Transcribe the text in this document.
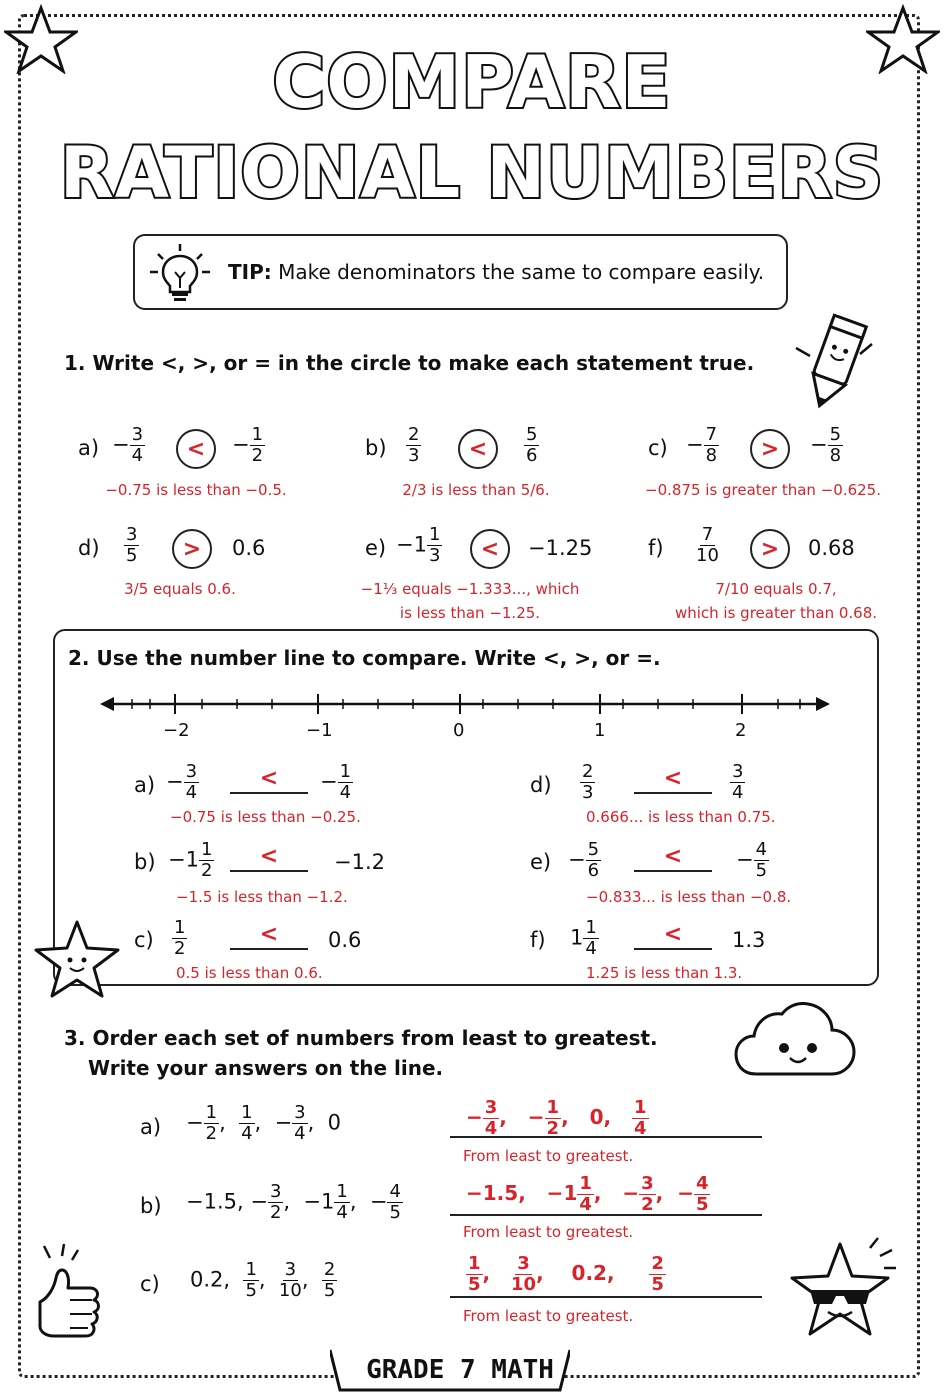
COMPARE
RATIONAL NUMBERS
TIP: Make denominators the same to compare easily.
1. Write <, >, or = in the circle to make each statement true.
$a) - \frac{3}{4}$	<	− $\frac{1}{2}$
−0.75 is less than −0.5.
$b) \frac{2}{3}$	<	$\frac{5}{6}$
2/3 is less than 5/6.
$c) - \frac{7}{8}$	>	− $\frac{5}{8}$
−0.875 is greater than −0.625.
$d) \frac{3}{5}$	>	0.6
3/5 equals 0.6.
$e) -1 \frac{1}{3}$	<	−1.25
−1⅓ equals −1.333..., which
is less than −1.25.
$f) \frac{7}{10}$	>	0.68
7/10 equals 0.7,
which is greater than 0.68.
2. Use the number line to compare. Write <, >, or =.
−2	−1	0	1	2
$a) - \frac{3}{4}$	<	− $\frac{1}{4}$
−0.75 is less than −0.25.
$b) -1 \frac{1}{2}$	<	−1.2
−1.5 is less than −1.2.
$c) \frac{1}{2}$	<	0.6
0.5 is less than 0.6.
$d) \frac{2}{3}$	<	$\frac{3}{4}$
0.666... is less than 0.75.
$e) - \frac{5}{6}$	<	− $\frac{4}{5}$
−0.833... is less than −0.8.
f) $1 \frac{1}{4}$	<	1.3
1.25 is less than 1.3.
3. Order each set of numbers from least to greatest.
Write your answers on the line.
$a) - \frac{1}{2}$ , $\frac{1}{4}$ ,  − $\frac{3}{4}$ ,  0	− $\frac{3}{4}$ ,   − $\frac{1}{2}$ ,   0, $\frac{1}{4}$
From least to greatest.
b) −1.5, − $\frac{3}{2}$ ,  $-1 \frac{1}{4}$ ,  − $\frac{4}{5}$	−1.5,   $-1 \frac{1}{4}$ ,   − $\frac{3}{2}$ ,  − $\frac{4}{5}$
From least to greatest.
c) 0.2, $\frac{1}{5}$ , $\frac{3}{10}$ , $\frac{2}{5}$	$\frac{1}{5}$ , $\frac{3}{10}$ ,    0.2, $\frac{2}{5}$
From least to greatest.
GRADE 7 MATH
